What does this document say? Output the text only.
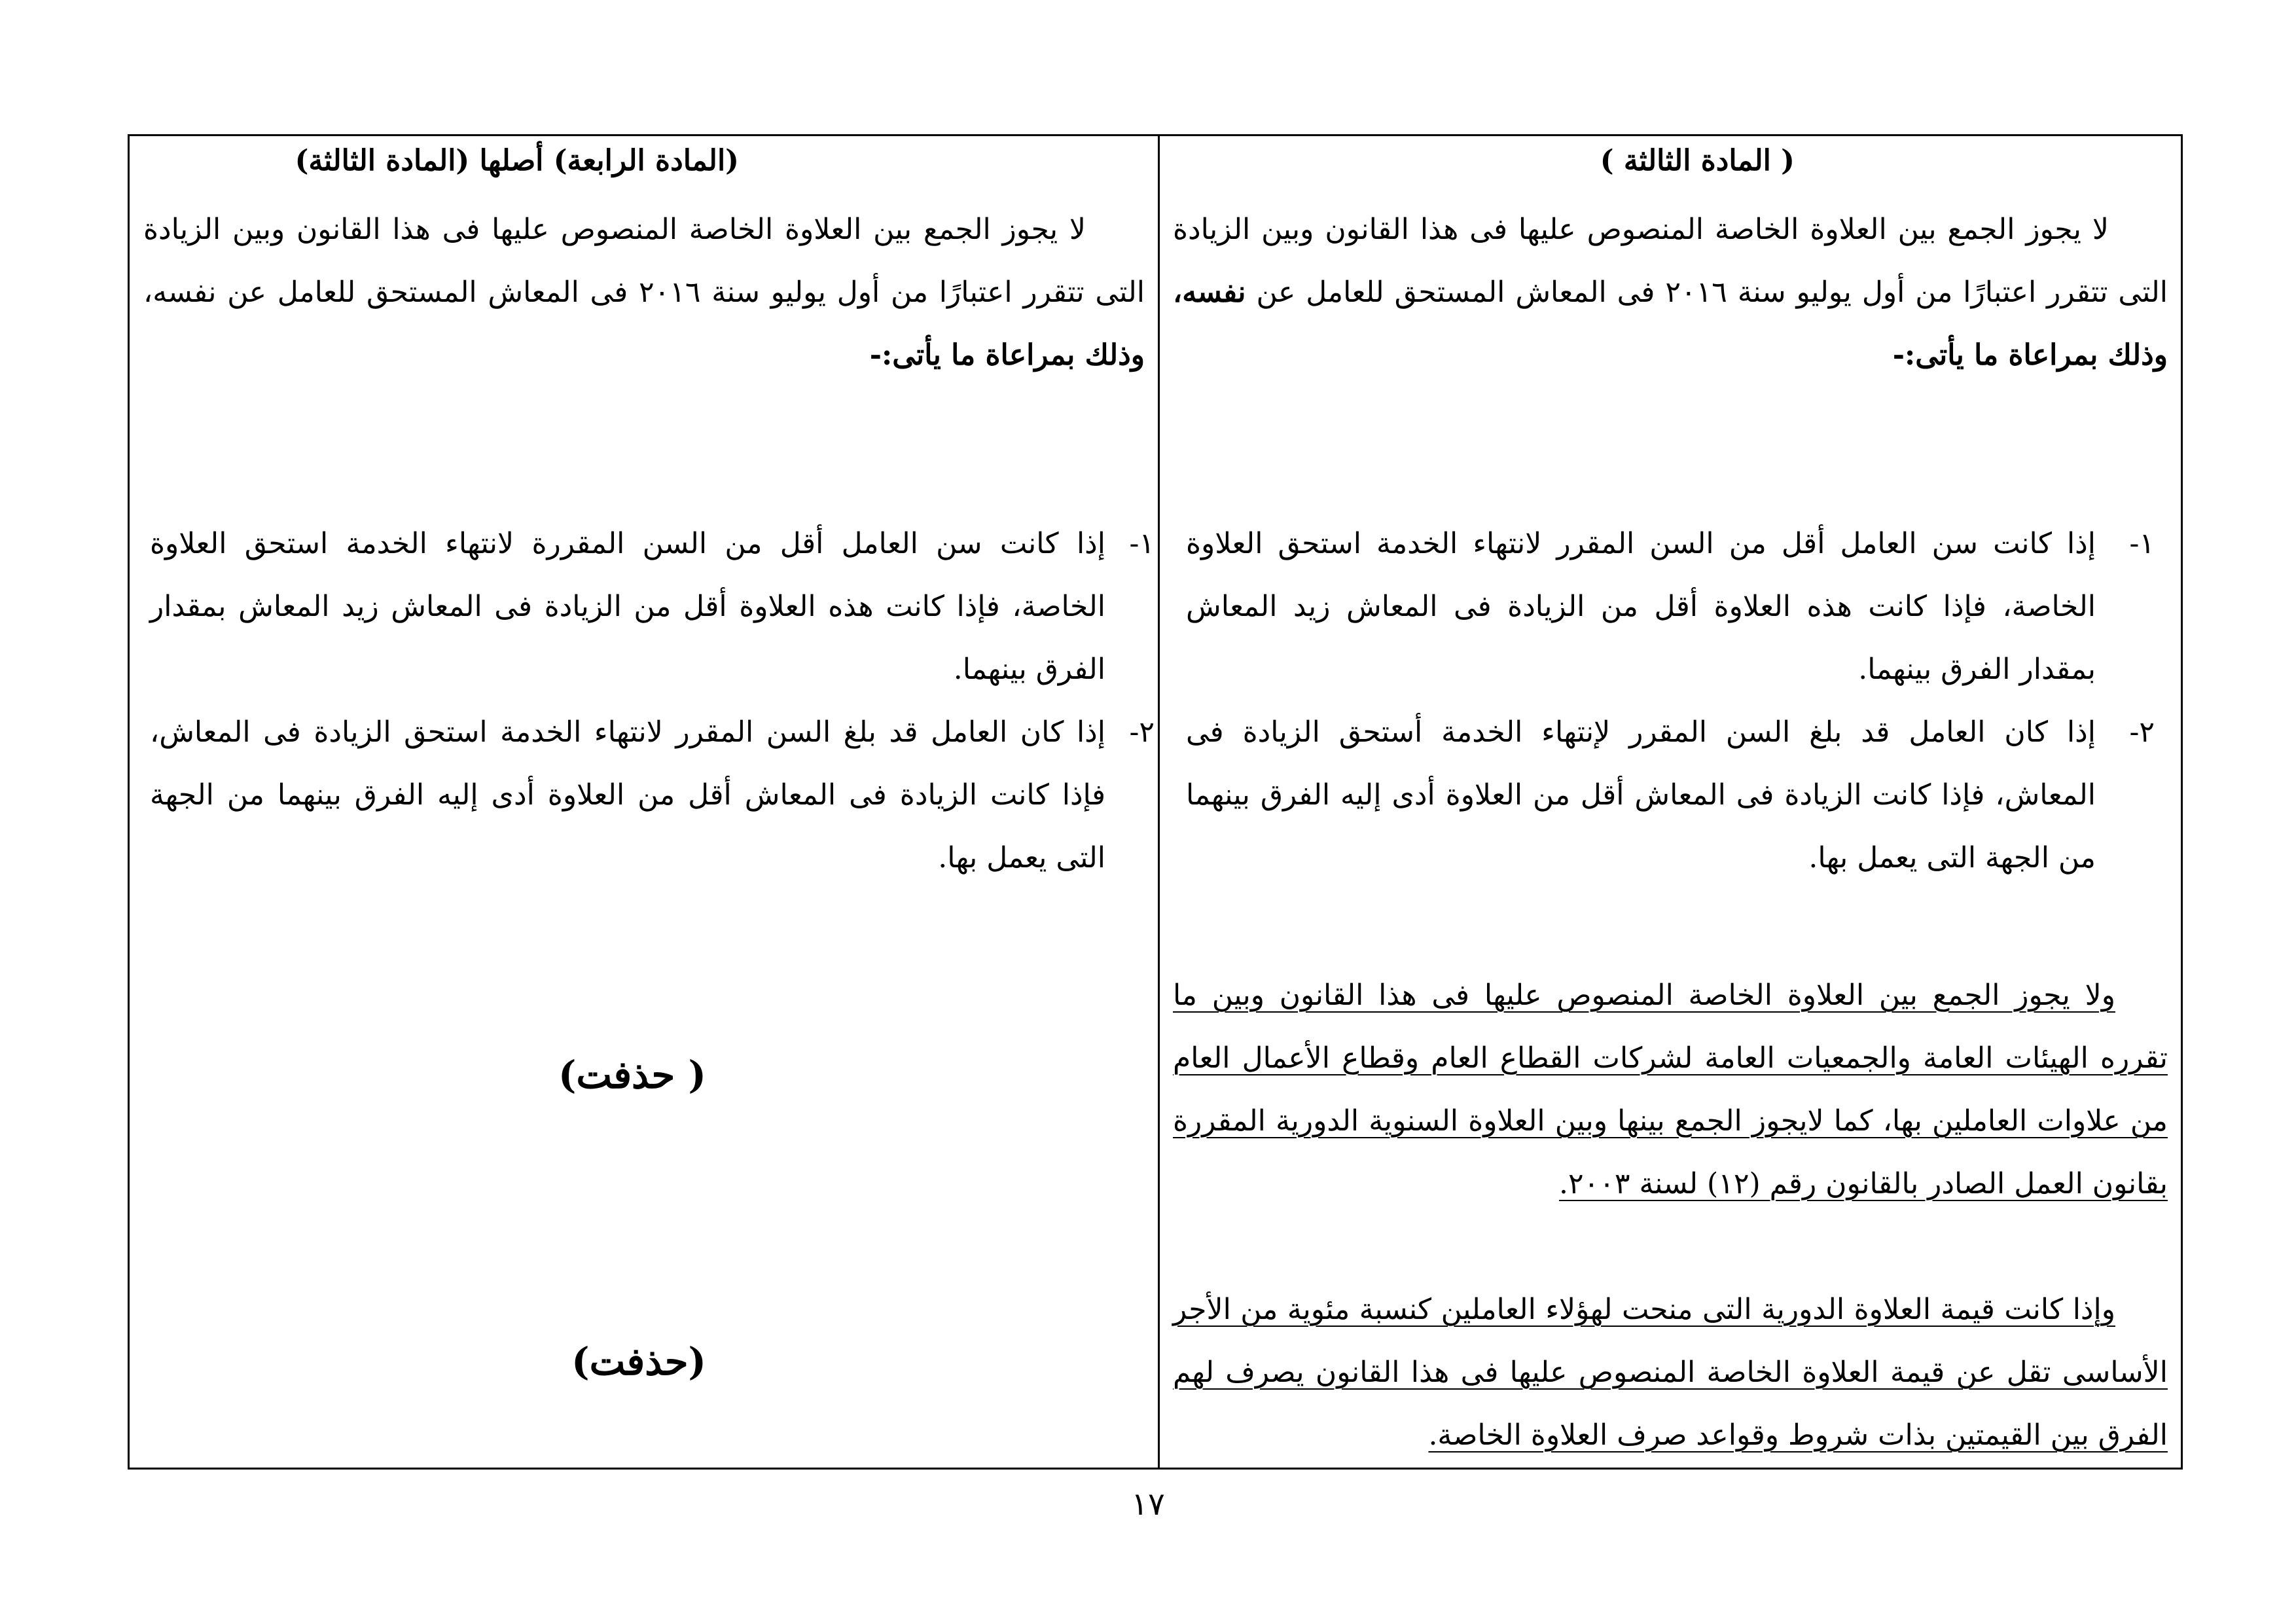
( المادة الثالثة )
لا يجوز الجمع بين العلاوة الخاصة المنصوص عليها فى هذا القانون وبين الزيادة التى تتقرر اعتبارًا من أول يوليو سنة ٢٠١٦ فى المعاش المستحق للعامل عن نفسه، وذلك بمراعاة ما يأتى:-
١-
إذا كانت سن العامل أقل من السن المقرر لانتهاء الخدمة استحق العلاوة الخاصة، فإذا كانت هذه العلاوة أقل من الزيادة فى المعاش زيد المعاش بمقدار الفرق بينهما.
٢-
إذا كان العامل قد بلغ السن المقرر لإنتهاء الخدمة أستحق الزيادة فى المعاش، فإذا كانت الزيادة فى المعاش أقل من العلاوة أدى إليه الفرق بينهما من الجهة التى يعمل بها.
ولا يجوز الجمع بين العلاوة الخاصة المنصوص عليها فى هذا القانون وبين ما تقرره الهيئات العامة والجمعيات العامة لشركات القطاع العام وقطاع الأعمال العام من علاوات العاملين بها، كما لايجوز الجمع بينها وبين العلاوة السنوية الدورية المقررة بقانون العمل الصادر بالقانون رقم (١٢) لسنة ٢٠٠٣.
وإذا كانت قيمة العلاوة الدورية التى منحت لهؤلاء العاملين كنسبة مئوية من الأجر الأساسى تقل عن قيمة العلاوة الخاصة المنصوص عليها فى هذا القانون يصرف لهم الفرق بين القيمتين بذات شروط وقواعد صرف العلاوة الخاصة.
(المادة الرابعة) أصلها (المادة الثالثة)
لا يجوز الجمع بين العلاوة الخاصة المنصوص عليها فى هذا القانون وبين الزيادة التى تتقرر اعتبارًا من أول يوليو سنة ٢٠١٦ فى المعاش المستحق للعامل عن نفسه، وذلك بمراعاة ما يأتى:-
١-
إذا كانت سن العامل أقل من السن المقررة لانتهاء الخدمة استحق العلاوة الخاصة، فإذا كانت هذه العلاوة أقل من الزيادة فى المعاش زيد المعاش بمقدار الفرق بينهما.
٢-
إذا كان العامل قد بلغ السن المقرر لانتهاء الخدمة استحق الزيادة فى المعاش، فإذا كانت الزيادة فى المعاش أقل من العلاوة أدى إليه الفرق بينهما من الجهة التى يعمل بها.
( حذفت)
(حذفت)
١٧
